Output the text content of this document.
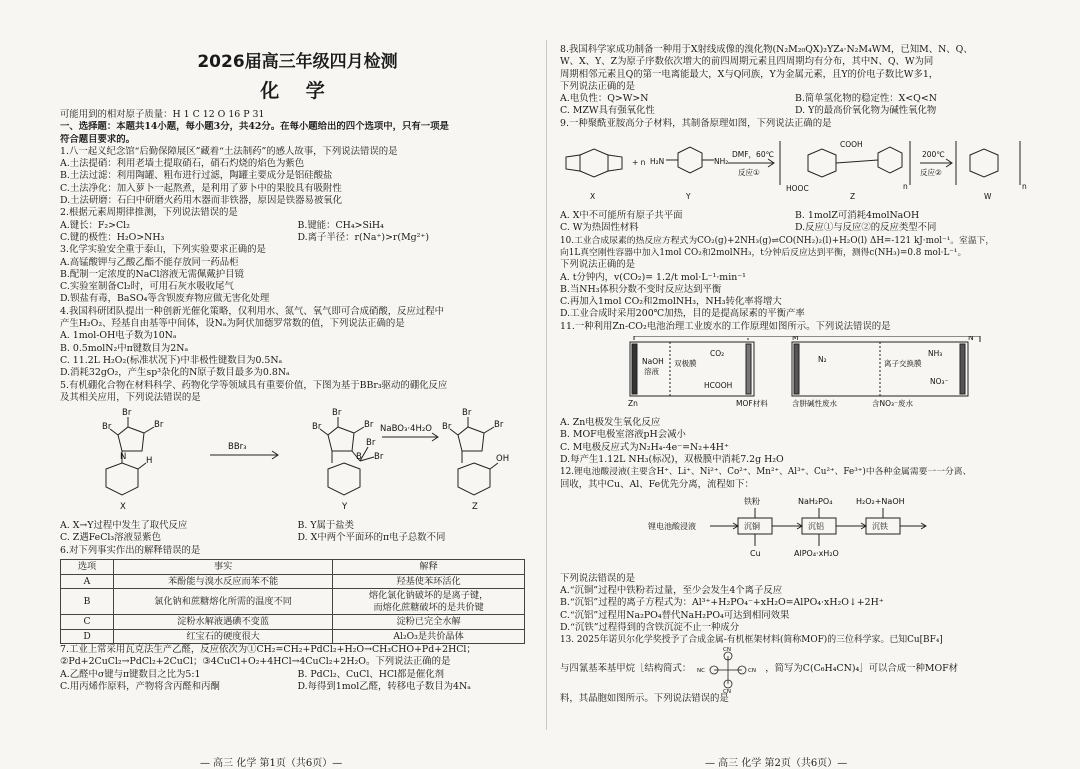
2026届高三年级四月检测
化 学
可能用到的相对原子质量：H 1 C 12 O 16 P 31
一、选择题：本题共14小题，每小题3分，共42分。在每小题给出的四个选项中，只有一项是
符合题目要求的。
1.八一起义纪念馆“后勤保障展区”藏着“土法制药”的感人故事，下列说法错误的是
A.土法提硝：利用老墙土提取硝石，硝石灼烧的焰色为紫色
B.土法过滤：利用陶罐、粗布进行过滤，陶罐主要成分是铝硅酸盐
C.土法净化：加入萝卜一起熬煮，是利用了萝卜中的果胶具有吸附性
D.土法研磨：石臼中研磨火药用木器而非铁器，原因是铁器易被氧化
2.根据元素周期律推测，下列说法错误的是
A.键长：F₂>Cl₂	B.键能：CH₄>SiH₄
C.键的极性：H₂O>NH₃	D.离子半径：r(Na⁺)>r(Mg²⁺)
3.化学实验安全重于泰山，下列实验要求正确的是
A.高锰酸钾与乙酸乙酯不能存放同一药品柜
B.配制一定浓度的NaCl溶液无需佩戴护目镜
C.实验室制备Cl₂时，可用石灰水吸收尾气
D.钡盐有毒，BaSO₄等含钡废弃物应做无害化处理
4.我国科研团队提出一种创新光催化策略，仅利用水、氮气、氧气即可合成硝酸，反应过程中
产生H₂O₂、羟基自由基等中间体，设Nₐ为阿伏加德罗常数的值，下列说法正确的是
A. 1mol-OH电子数为10Nₐ
B. 0.5molN₂中π键数目为2Nₐ
C. 11.2L H₂O₂(标准状况下)中非极性键数目为0.5Nₐ
D.消耗32gO₂，产生sp³杂化的N原子数目最多为0.8Nₐ
5.有机硼化合物在材料科学、药物化学等领域具有重要价值，下图为基于BBr₃驱动的硼化反应
及其相关应用，下列说法错误的是
Br
Br
Br
N H
Br
Br
Br
Br
Br
B
Br
Br
Br
OH
BBr₃
NaBO₃·4H₂O
X	Y	Z
A. X→Y过程中发生了取代反应	B. Y属于盐类
C. Z遇FeCl₃溶液显紫色	D. X中两个平面环的π电子总数不同
6.对下列事实作出的解释错误的是
选项	事实	解释
A	苯酚能与溴水反应而苯不能	羟基使苯环活化
B	氯化钠和蔗糖熔化所需的温度不同	熔化氯化钠破坏的是离子键，
而熔化蔗糖破坏的是共价键

C	淀粉水解液遇碘不变蓝	淀粉已完全水解
D	红宝石的硬度很大	Al₂O₃是共价晶体
7.工业上常采用瓦克法生产乙醛，反应依次为①CH₂=CH₂+PdCl₂+H₂O→CH₃CHO+Pd+2HCl；
②Pd+2CuCl₂→PdCl₂+2CuCl；③4CuCl+O₂+4HCl→4CuCl₂+2H₂O。下列说法正确的是
A.乙醛中σ键与π键数目之比为5:1	B. PdCl₂、CuCl、HCl都是催化剂
C.用丙烯作原料，产物将含丙醛和丙酮	D.每得到1mol乙醛，转移电子数目为4Nₐ
8.我国科学家成功制备一种用于X射线成像的溴化物(N₂M₂₀QX)₂YZ₄·N₂M₄WM，已知M、N、Q、
W、X、Y、Z为原子序数依次增大的前四周期元素且四周期均有分布，其中N、Q、W为同
周期相邻元素且Q的第一电离能最大，X与Q同族，Y为金属元素，且Y的价电子数比W多1，
下列说法正确的是
A.电负性：Q>W>N	B.简单氢化物的稳定性：X<Q<N
C. MZW具有强氧化性	D. Y的最高价氧化物为碱性氧化物
9.一种聚酰亚胺高分子材料，其制备原理如图，下列说法正确的是
+ n H₂N	NH₂
DMF，60℃
反应①
COOH
HOOC	n
200℃
反应②
n
X	Y	Z	W
A. X中不可能所有原子共平面	B. 1molZ可消耗4molNaOH
C. W为热固性材料	D.反应①与反应②的反应类型不同
10.工业合成尿素的热反应方程式为CO₂(g)+2NH₃(g)⇌CO(NH₂)₂(l)+H₂O(l) ΔH=-121 kJ·mol⁻¹。室温下，
向1L真空刚性容器中加入1mol CO₂和2molNH₃，t分钟后反应达到平衡，测得c(NH₃)=0.8 mol·L⁻¹。
下列说法正确的是
A. t分钟内，v(CO₂)= 1.2/t mol·L⁻¹·min⁻¹
B.当NH₃体积分数不变时反应达到平衡
C.再加入1mol CO₂和2molNH₃，NH₃转化率将增大
D.工业合成时采用200℃加热，目的是提高尿素的平衡产率
11.一种利用Zn-CO₂电池治理工业废水的工作原理如图所示。下列说法错误的是
NaOH
溶液
双极膜
CO₂
HCOOH
Zn	MOF材料
M	N
N₂	离子交换膜
NH₃
NO₃⁻
含肼碱性废水	含NO₃⁻废水
A. Zn电极发生氧化反应
B. MOF电极室溶液pH会减小
C. M电极反应式为N₂H₄-4e⁻=N₂+4H⁺
D.每产生1.12L NH₃(标况)，双极膜中消耗7.2g H₂O
12.锂电池酸浸液(主要含H⁺、Li⁺、Ni²⁺、Co²⁺、Mn²⁺、Al³⁺、Cu²⁺、Fe³⁺)中各种金属需要一一分离、
回收，其中Cu、Al、Fe优先分离，流程如下：
锂电池酸浸液
铁粉	NaH₂PO₄	H₂O₂+NaOH
沉铜	沉铝	沉铁
Cu	AlPO₄·xH₂O
下列说法错误的是
A.“沉铜”过程中铁粉若过量，至少会发生4个离子反应
B.“沉铝”过程的离子方程式为：Al³⁺+H₂PO₄⁻+xH₂O=AlPO₄·xH₂O↓+2H⁺
C.“沉铝”过程用Na₂PO₄替代NaH₂PO₄可达到相同效果
D.“沉铁”过程得到的含铁沉淀不止一种成分
13. 2025年诺贝尔化学奖授予了合成金属-有机框架材料(简称MOF)的三位科学家。已知Cu[BF₄]
与四氰基苯基甲烷［结构简式：
CN
CN
NC	CN ，简写为C(C₆H₄CN)₄］可以合成一种MOF材
料，其晶胞如图所示。下列说法错误的是
— 高三 化学 第1页（共6页）—	— 高三 化学 第2页（共6页）—
